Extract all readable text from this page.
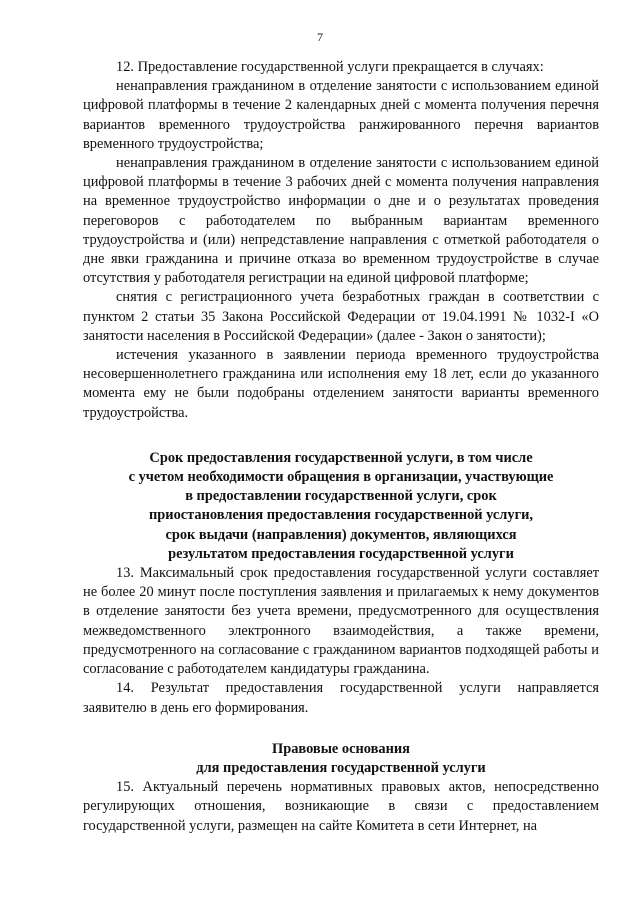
7

12. Предоставление государственной услуги прекращается в случаях:

ненаправления гражданином в отделение занятости с использованием единой цифровой платформы в течение 2 календарных дней с момента получения перечня вариантов временного трудоустройства ранжированного перечня вариантов временного трудоустройства;

ненаправления гражданином в отделение занятости с использованием единой цифровой платформы в течение 3 рабочих дней с момента получения направления на временное трудоустройство информации о дне и о результатах проведения переговоров с работодателем по выбранным вариантам временного трудоустройства и (или) непредставление направления с отметкой работодателя о дне явки гражданина и причине отказа во временном трудоустройстве в случае отсутствия у работодателя регистрации на единой цифровой платформе;

снятия с регистрационного учета безработных граждан в соответствии с пунктом 2 статьи 35 Закона Российской Федерации от 19.04.1991 № 1032-I «О занятости населения в Российской Федерации» (далее - Закон о занятости);

истечения указанного в заявлении периода временного трудоустройства несовершеннолетнего гражданина или исполнения ему 18 лет, если до указанного момента ему не были подобраны отделением занятости варианты временного трудоустройства.

Срок предоставления государственной услуги, в том числе
с учетом необходимости обращения в организации, участвующие
в предоставлении государственной услуги, срок
приостановления предоставления государственной услуги,
срок выдачи (направления) документов, являющихся
результатом предоставления государственной услуги

13. Максимальный срок предоставления государственной услуги составляет не более 20 минут после поступления заявления и прилагаемых к нему документов в отделение занятости без учета времени, предусмотренного для осуществления межведомственного электронного взаимодействия, а также времени, предусмотренного на согласование с гражданином вариантов подходящей работы и согласование с работодателем кандидатуры гражданина.

14. Результат предоставления государственной услуги направляется заявителю в день его формирования.

Правовые основания
для предоставления государственной услуги

15. Актуальный перечень нормативных правовых актов, непосредственно регулирующих отношения, возникающие в связи с предоставлением государственной услуги, размещен на сайте Комитета в сети Интернет, на
